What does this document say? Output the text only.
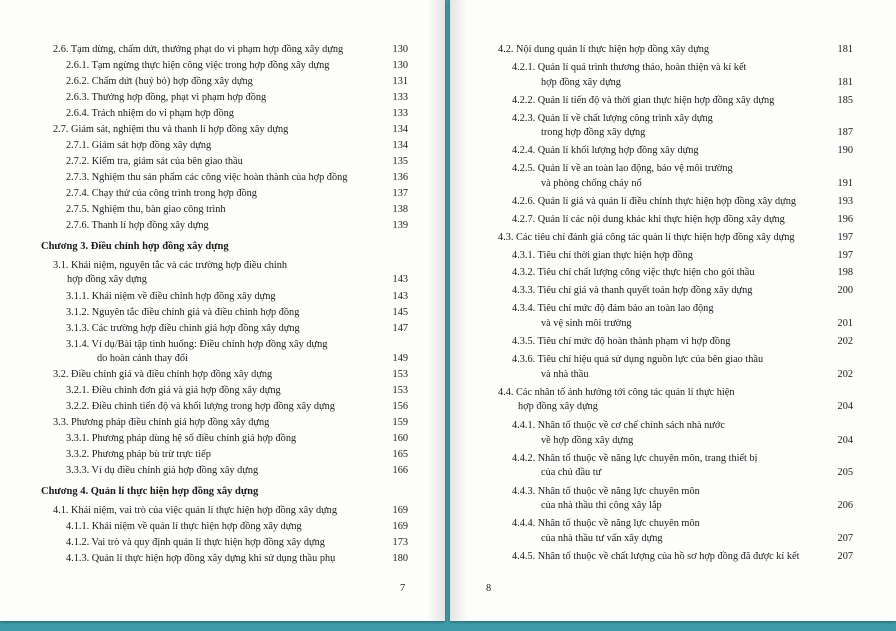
2.6. Tạm dừng, chấm dứt, thưởng phạt do vi phạm hợp đồng xây dựng	130
2.6.1. Tạm ngừng thực hiện công việc trong hợp đồng xây dựng	130
2.6.2. Chấm dứt (huỷ bỏ) hợp đồng xây dựng	131
2.6.3. Thưởng hợp đồng, phạt vi phạm hợp đồng	133
2.6.4. Trách nhiệm do vi phạm hợp đồng	133
2.7. Giám sát, nghiệm thu và thanh lí hợp đồng xây dựng	134
2.7.1. Giám sát hợp đồng xây dựng	134
2.7.2. Kiểm tra, giám sát của bên giao thầu	135
2.7.3. Nghiệm thu sản phẩm các công việc hoàn thành của hợp đồng	136
2.7.4. Chạy thử của công trình trong hợp đồng	137
2.7.5. Nghiệm thu, bàn giao công trình	138
2.7.6. Thanh lí hợp đồng xây dựng	139
Chương 3. Điều chỉnh hợp đồng xây dựng
3.1. Khái niệm, nguyên tắc và các trường hợp điều chỉnh
hợp đồng xây dựng	143
3.1.1. Khái niệm về điều chỉnh hợp đồng xây dựng	143
3.1.2. Nguyên tắc điều chỉnh giá và điều chỉnh hợp đồng	145
3.1.3. Các trường hợp điều chỉnh giá hợp đồng xây dựng	147
3.1.4. Ví dụ/Bài tập tình huống: Điều chỉnh hợp đồng xây dựng
do hoàn cảnh thay đổi	149
3.2. Điều chỉnh giá và điều chỉnh hợp đồng xây dựng	153
3.2.1. Điều chỉnh đơn giá và giá hợp đồng xây dựng	153
3.2.2. Điều chỉnh tiến độ và khối lượng trong hợp đồng xây dựng	156
3.3. Phương pháp điều chỉnh giá hợp đồng xây dựng	159
3.3.1. Phương pháp dùng hệ số điều chỉnh giá hợp đồng	160
3.3.2. Phương pháp bù trừ trực tiếp	165
3.3.3. Ví dụ điều chỉnh giá hợp đồng xây dựng	166
Chương 4. Quản lí thực hiện hợp đồng xây dựng
4.1. Khái niệm, vai trò của việc quản lí thực hiện hợp đồng xây dựng	169
4.1.1. Khái niệm về quản lí thực hiện hợp đồng xây dựng	169
4.1.2. Vai trò và quy định quản lí thực hiện hợp đồng xây dựng	173
4.1.3. Quản lí thực hiện hợp đồng xây dựng khi sử dụng thầu phụ	180
7
4.2. Nội dung quản lí thực hiện hợp đồng xây dựng	181
4.2.1. Quản lí quá trình thương thảo, hoàn thiện và kí kết
hợp đồng xây dựng	181
4.2.2. Quản lí tiến độ và thời gian thực hiện hợp đồng xây dựng	185
4.2.3. Quản lí về chất lượng công trình xây dựng
trong hợp đồng xây dựng	187
4.2.4. Quản lí khối lượng hợp đồng xây dựng	190
4.2.5. Quản lí về an toàn lao động, bảo vệ môi trường
và phòng chống cháy nổ	191
4.2.6. Quản lí giá và quản lí điều chỉnh thực hiện hợp đồng xây dựng	193
4.2.7. Quản lí các nội dung khác khi thực hiện hợp đồng xây dựng	196
4.3. Các tiêu chí đánh giá công tác quản lí thực hiện hợp đồng xây dựng	197
4.3.1. Tiêu chí thời gian thực hiện hợp đồng	197
4.3.2. Tiêu chí chất lượng công việc thực hiện cho gói thầu	198
4.3.3. Tiêu chí giá và thanh quyết toán hợp đồng xây dựng	200
4.3.4. Tiêu chí mức độ đảm bảo an toàn lao động
và vệ sinh môi trường	201
4.3.5. Tiêu chí mức độ hoàn thành phạm vi hợp đồng	202
4.3.6. Tiêu chí hiệu quả sử dụng nguồn lực của bên giao thầu
và nhà thầu	202
4.4. Các nhân tố ảnh hưởng tới công tác quản lí thực hiện
hợp đồng xây dựng	204
4.4.1. Nhân tố thuộc về cơ chế chính sách nhà nước
về hợp đồng xây dựng	204
4.4.2. Nhân tố thuộc về năng lực chuyên môn, trang thiết bị
của chủ đầu tư	205
4.4.3. Nhân tố thuộc về năng lực chuyên môn
của nhà thầu thi công xây lắp	206
4.4.4. Nhân tố thuộc về năng lực chuyên môn
của nhà thầu tư vấn xây dựng	207
4.4.5. Nhân tố thuộc về chất lượng của hồ sơ hợp đồng đã được kí kết	207
8
